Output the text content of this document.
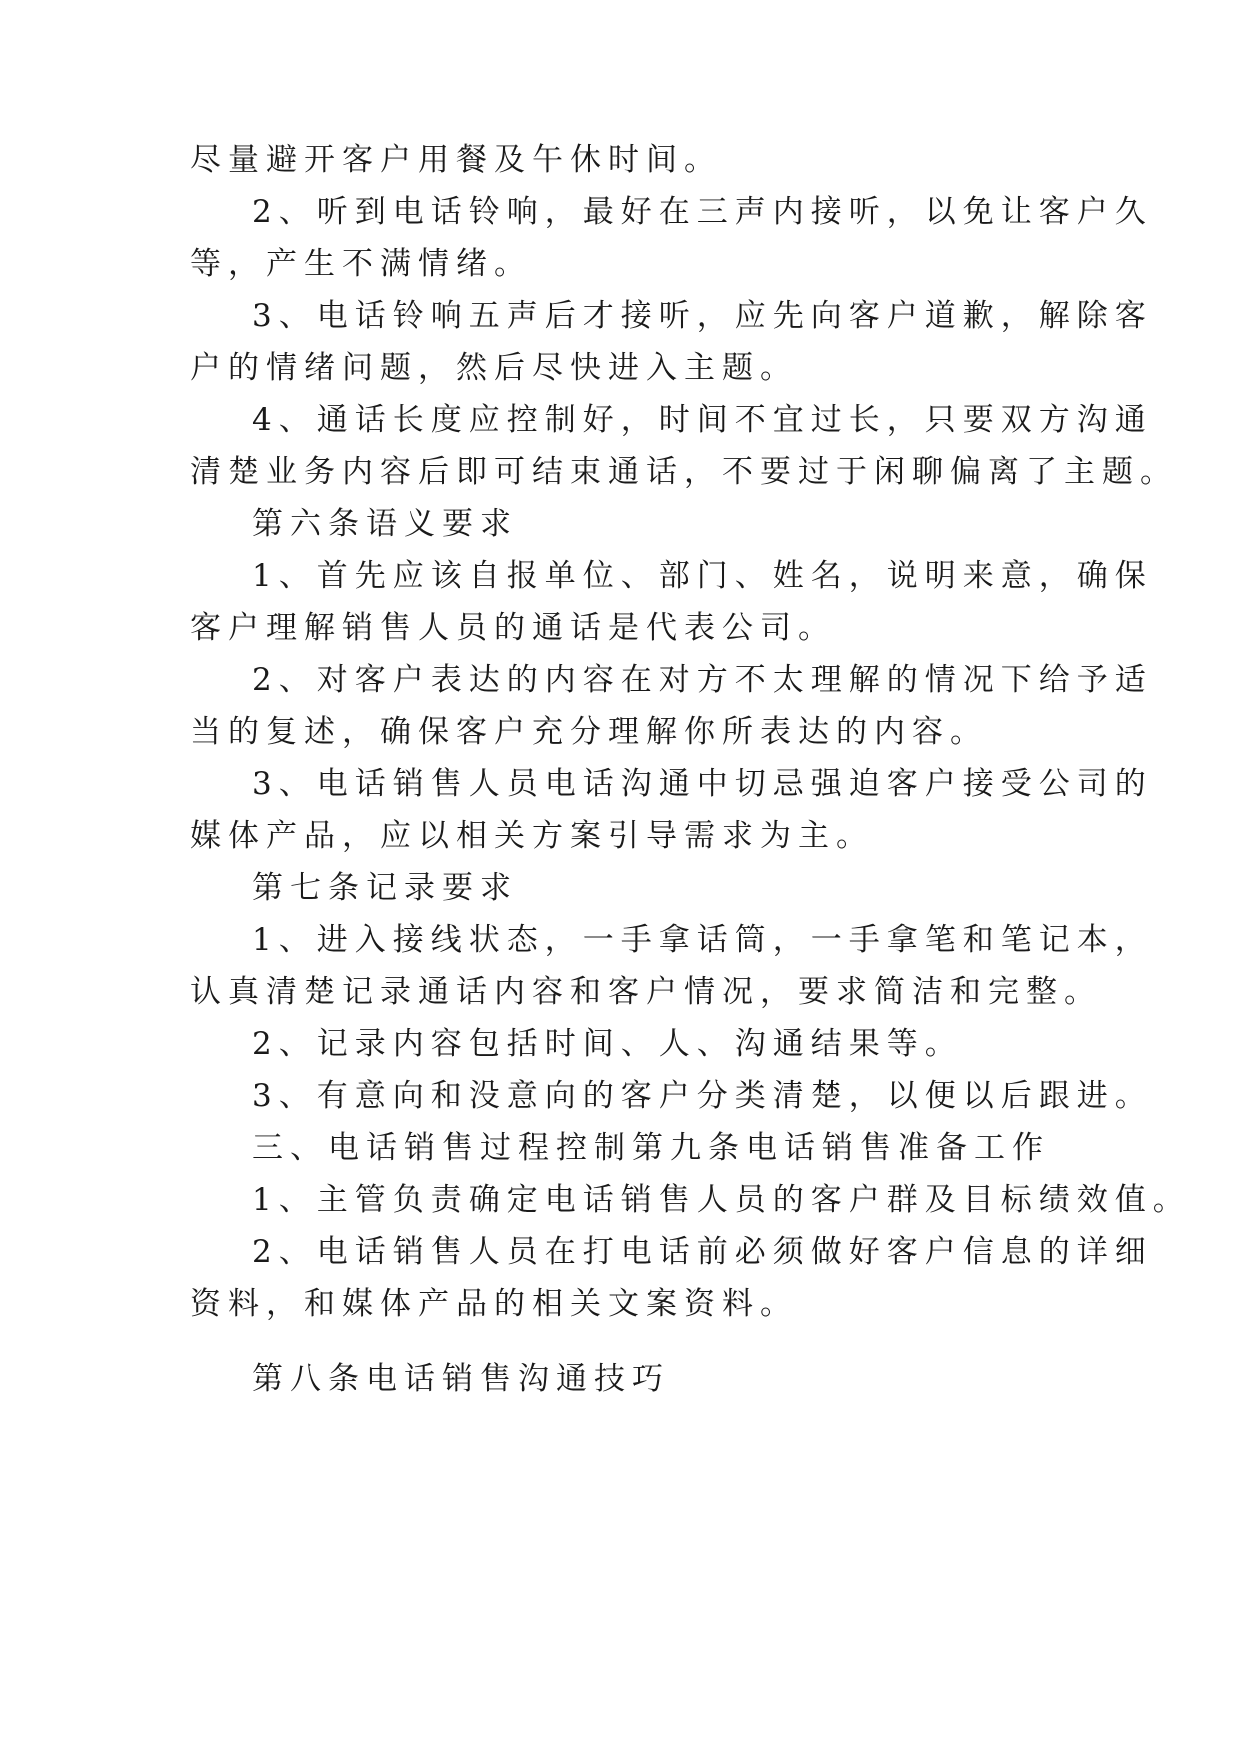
尽量避开客户用餐及午休时间。
2、听到电话铃响，最好在三声内接听，以免让客户久
等，产生不满情绪。
3、电话铃响五声后才接听，应先向客户道歉，解除客
户的情绪问题，然后尽快进入主题。
4、通话长度应控制好，时间不宜过长，只要双方沟通
清楚业务内容后即可结束通话，不要过于闲聊偏离了主题。
第六条语义要求
1、首先应该自报单位、部门、姓名，说明来意，确保
客户理解销售人员的通话是代表公司。
2、对客户表达的内容在对方不太理解的情况下给予适
当的复述，确保客户充分理解你所表达的内容。
3、电话销售人员电话沟通中切忌强迫客户接受公司的
媒体产品，应以相关方案引导需求为主。
第七条记录要求
1、进入接线状态，一手拿话筒，一手拿笔和笔记本，
认真清楚记录通话内容和客户情况，要求简洁和完整。
2、记录内容包括时间、人、沟通结果等。
3、有意向和没意向的客户分类清楚，以便以后跟进。
三、电话销售过程控制第九条电话销售准备工作
1、主管负责确定电话销售人员的客户群及目标绩效值。
2、电话销售人员在打电话前必须做好客户信息的详细
资料，和媒体产品的相关文案资料。
第八条电话销售沟通技巧
